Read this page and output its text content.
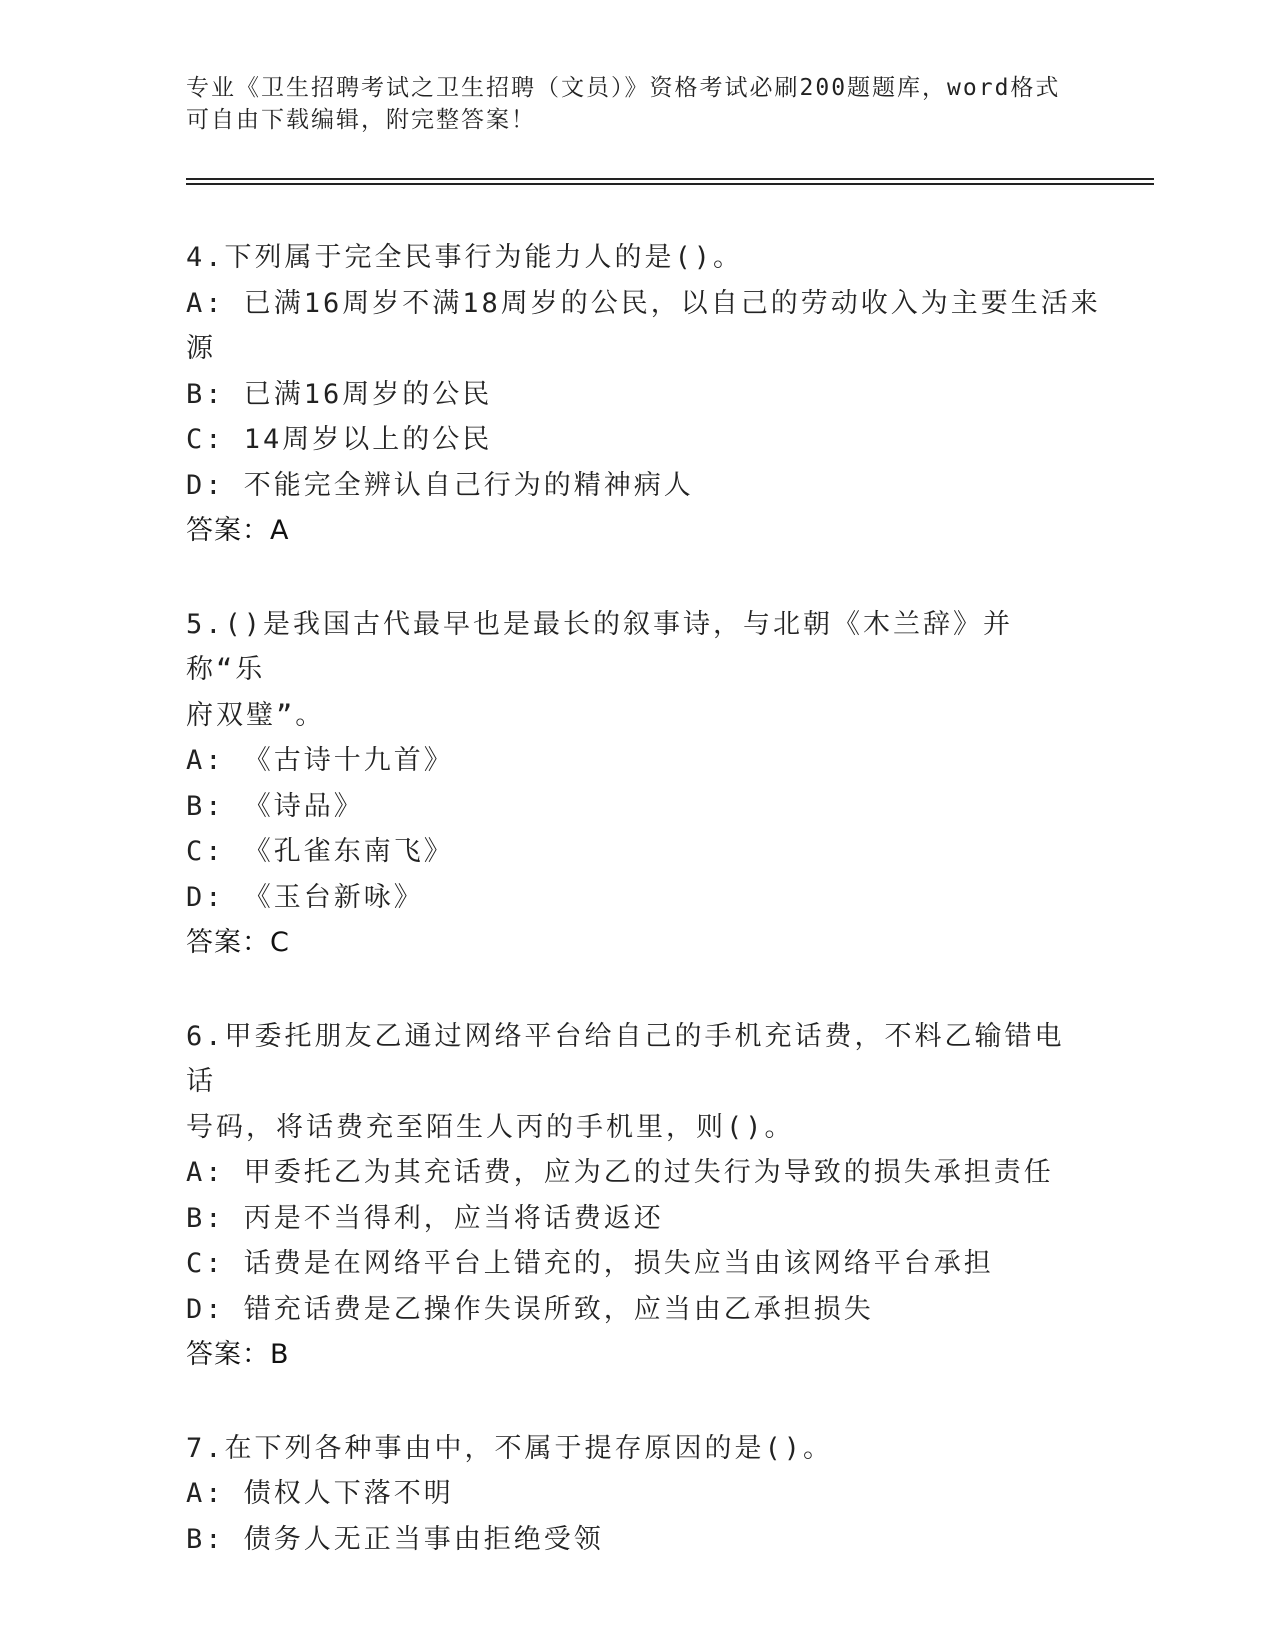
专业《卫生招聘考试之卫生招聘（文员）》资格考试必刷200题题库，word格式
可自由下载编辑，附完整答案！
4.下列属于完全民事行为能力人的是()。
A: 已满16周岁不满18周岁的公民，以自己的劳动收入为主要生活来
源
B: 已满16周岁的公民
C: 14周岁以上的公民
D: 不能完全辨认自己行为的精神病人
答案：A
5.()是我国古代最早也是最长的叙事诗，与北朝《木兰辞》并称“乐
府双璧”。
A: 《古诗十九首》
B: 《诗品》
C: 《孔雀东南飞》
D: 《玉台新咏》
答案：C
6.甲委托朋友乙通过网络平台给自己的手机充话费，不料乙输错电话
号码，将话费充至陌生人丙的手机里，则()。
A: 甲委托乙为其充话费，应为乙的过失行为导致的损失承担责任
B: 丙是不当得利，应当将话费返还
C: 话费是在网络平台上错充的，损失应当由该网络平台承担
D: 错充话费是乙操作失误所致，应当由乙承担损失
答案：B
7.在下列各种事由中，不属于提存原因的是()。
A: 债权人下落不明
B: 债务人无正当事由拒绝受领
